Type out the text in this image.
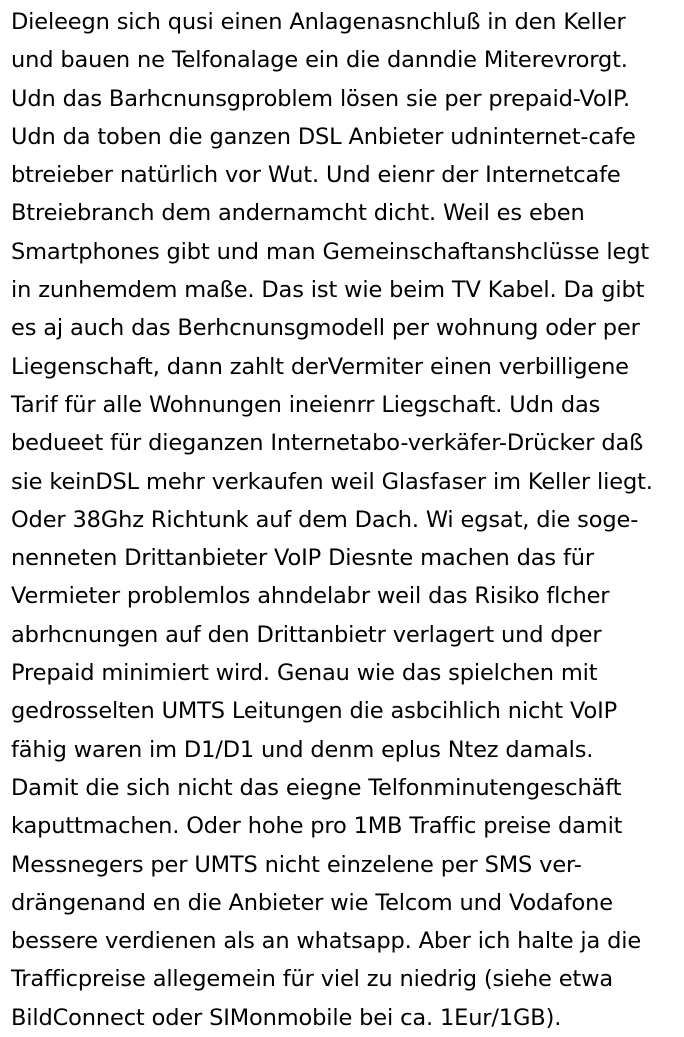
Dieleegn sich qusi einen Anlagenasnchluß in den Keller
und bauen ne Telfonalage ein die danndie Miterevrorgt.
Udn das Barhcnunsgproblem lösen sie per prepaid-VoIP.
Udn da toben die ganzen DSL Anbieter udninternet-cafe
btreieber natürlich vor Wut. Und eienr der Internetcafe
Btreiebranch dem andernamcht dicht. Weil es eben
Smartphones gibt und man Gemeinschaftanshclüsse legt
in zunhemdem maße. Das ist wie beim TV Kabel. Da gibt
es aj auch das Berhcnunsgmodell per wohnung oder per
Liegenschaft, dann zahlt derVermiter einen verbilligene
Tarif für alle Wohnungen ineienrr Liegschaft. Udn das
bedueet für dieganzen Internetabo-verkäfer-Drücker daß
sie keinDSL mehr verkaufen weil Glasfaser im Keller liegt.
Oder 38Ghz Richtunk auf dem Dach. Wi egsat, die soge-
nenneten Drittanbieter VoIP Diesnte machen das für
Vermieter problemlos ahndelabr weil das Risiko flcher
abrhcnungen auf den Drittanbietr verlagert und dper
Prepaid minimiert wird. Genau wie das spielchen mit
gedrosselten UMTS Leitungen die asbcihlich nicht VoIP
fähig waren im D1/D1 und denm eplus Ntez damals.
Damit die sich nicht das eiegne Telfonminutengeschäft
kaputtmachen. Oder hohe pro 1MB Traffic preise damit
Messnegers per UMTS nicht einzelene per SMS ver-
drängenand en die Anbieter wie Telcom und Vodafone
bessere verdienen als an whatsapp. Aber ich halte ja die
Trafficpreise allegemein für viel zu niedrig (siehe etwa
BildConnect oder SIMonmobile bei ca. 1Eur/1GB).
